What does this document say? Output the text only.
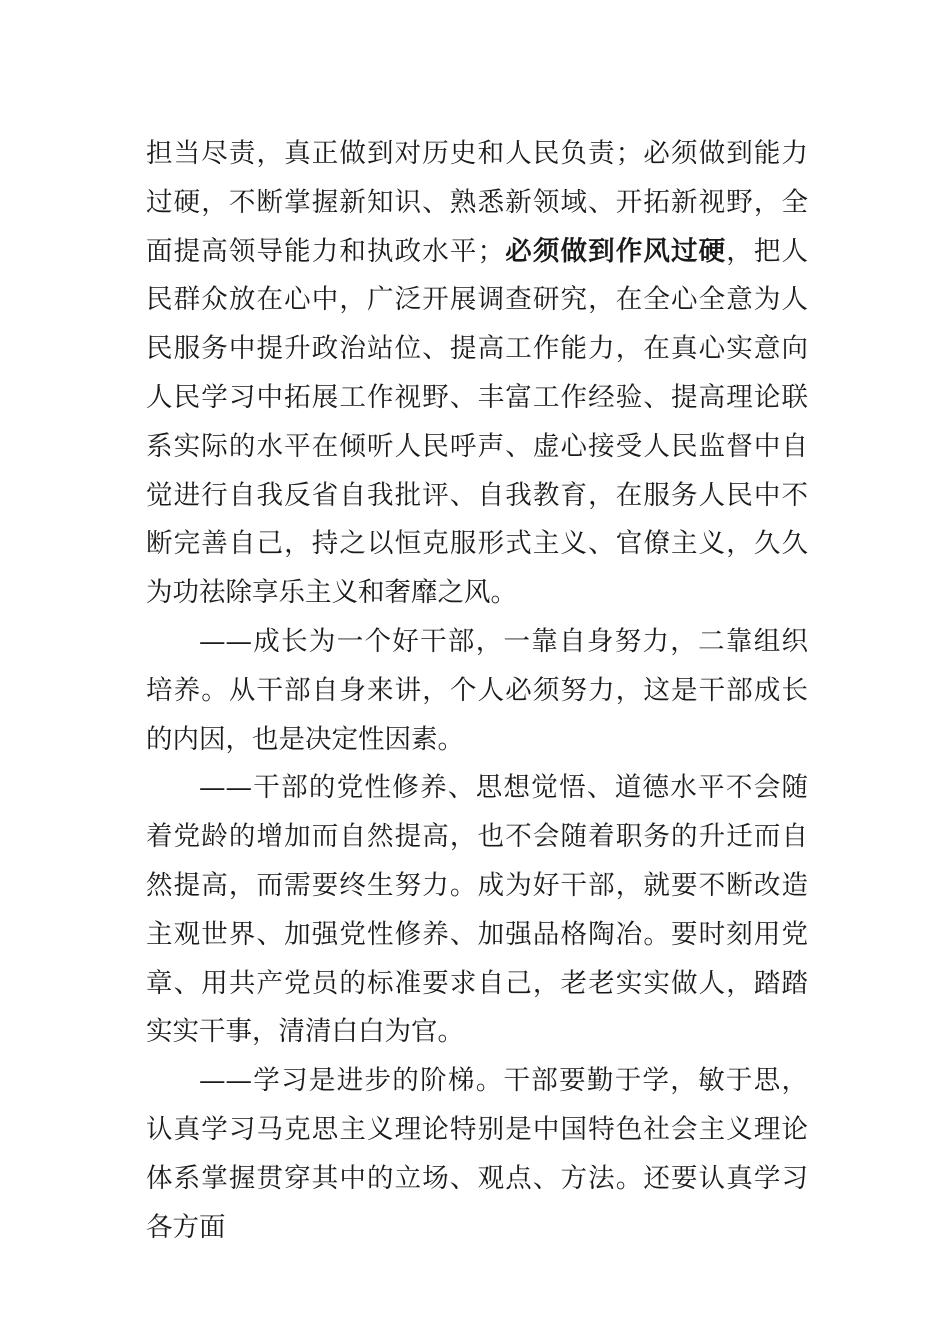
担当尽责，真正做到对历史和人民负责；必须做到能力过硬，不断掌握新知识、熟悉新领域、开拓新视野，全面提高领导能力和执政水平；必须做到作风过硬，把人民群众放在心中，广泛开展调查研究，在全心全意为人民服务中提升政治站位、提高工作能力，在真心实意向人民学习中拓展工作视野、丰富工作经验、提高理论联系实际的水平在倾听人民呼声、虚心接受人民监督中自觉进行自我反省自我批评、自我教育，在服务人民中不断完善自己，持之以恒克服形式主义、官僚主义，久久为功祛除享乐主义和奢靡之风。

——成长为一个好干部，一靠自身努力，二靠组织培养。从干部自身来讲，个人必须努力，这是干部成长的内因，也是决定性因素。

——干部的党性修养、思想觉悟、道德水平不会随着党龄的增加而自然提高，也不会随着职务的升迁而自然提高，而需要终生努力。成为好干部，就要不断改造主观世界、加强党性修养、加强品格陶冶。要时刻用党章、用共产党员的标准要求自己，老老实实做人，踏踏实实干事，清清白白为官。

——学习是进步的阶梯。干部要勤于学，敏于思，认真学习马克思主义理论特别是中国特色社会主义理论体系掌握贯穿其中的立场、观点、方法。还要认真学习各方面
